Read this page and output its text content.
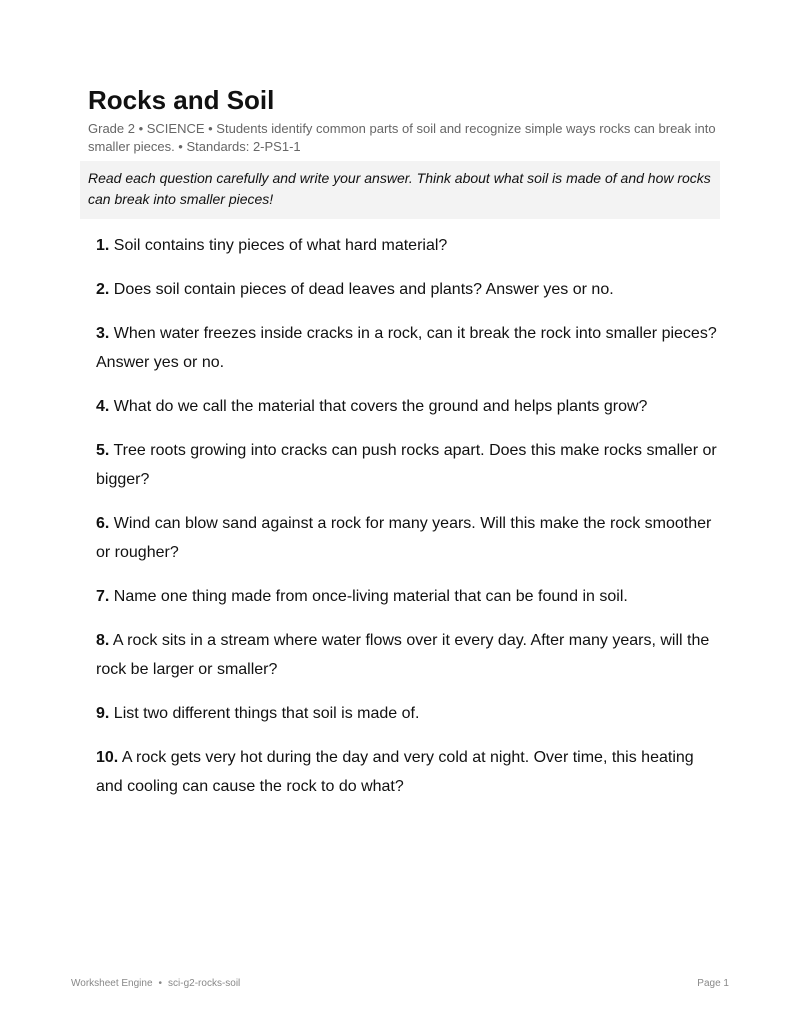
Rocks and Soil
Grade 2 • SCIENCE • Students identify common parts of soil and recognize simple ways rocks can break into smaller pieces. • Standards: 2-PS1-1
Read each question carefully and write your answer. Think about what soil is made of and how rocks can break into smaller pieces!
1. Soil contains tiny pieces of what hard material?
2. Does soil contain pieces of dead leaves and plants? Answer yes or no.
3. When water freezes inside cracks in a rock, can it break the rock into smaller pieces? Answer yes or no.
4. What do we call the material that covers the ground and helps plants grow?
5. Tree roots growing into cracks can push rocks apart. Does this make rocks smaller or bigger?
6. Wind can blow sand against a rock for many years. Will this make the rock smoother or rougher?
7. Name one thing made from once-living material that can be found in soil.
8. A rock sits in a stream where water flows over it every day. After many years, will the rock be larger or smaller?
9. List two different things that soil is made of.
10. A rock gets very hot during the day and very cold at night. Over time, this heating and cooling can cause the rock to do what?
Worksheet Engine • sci-g2-rocks-soil	Page 1
